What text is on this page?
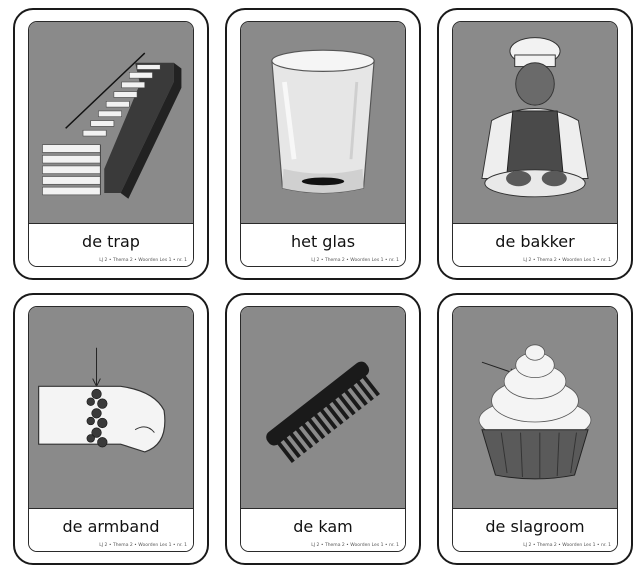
de trap
LJ 2 • Thema 2 • Woorden Les 1 • nr. 1
het glas
LJ 2 • Thema 2 • Woorden Les 1 • nr. 1
de bakker
LJ 2 • Thema 2 • Woorden Les 1 • nr. 1
de armband
LJ 2 • Thema 2 • Woorden Les 1 • nr. 1
de kam
LJ 2 • Thema 2 • Woorden Les 1 • nr. 1
de slagroom
LJ 2 • Thema 2 • Woorden Les 1 • nr. 1
